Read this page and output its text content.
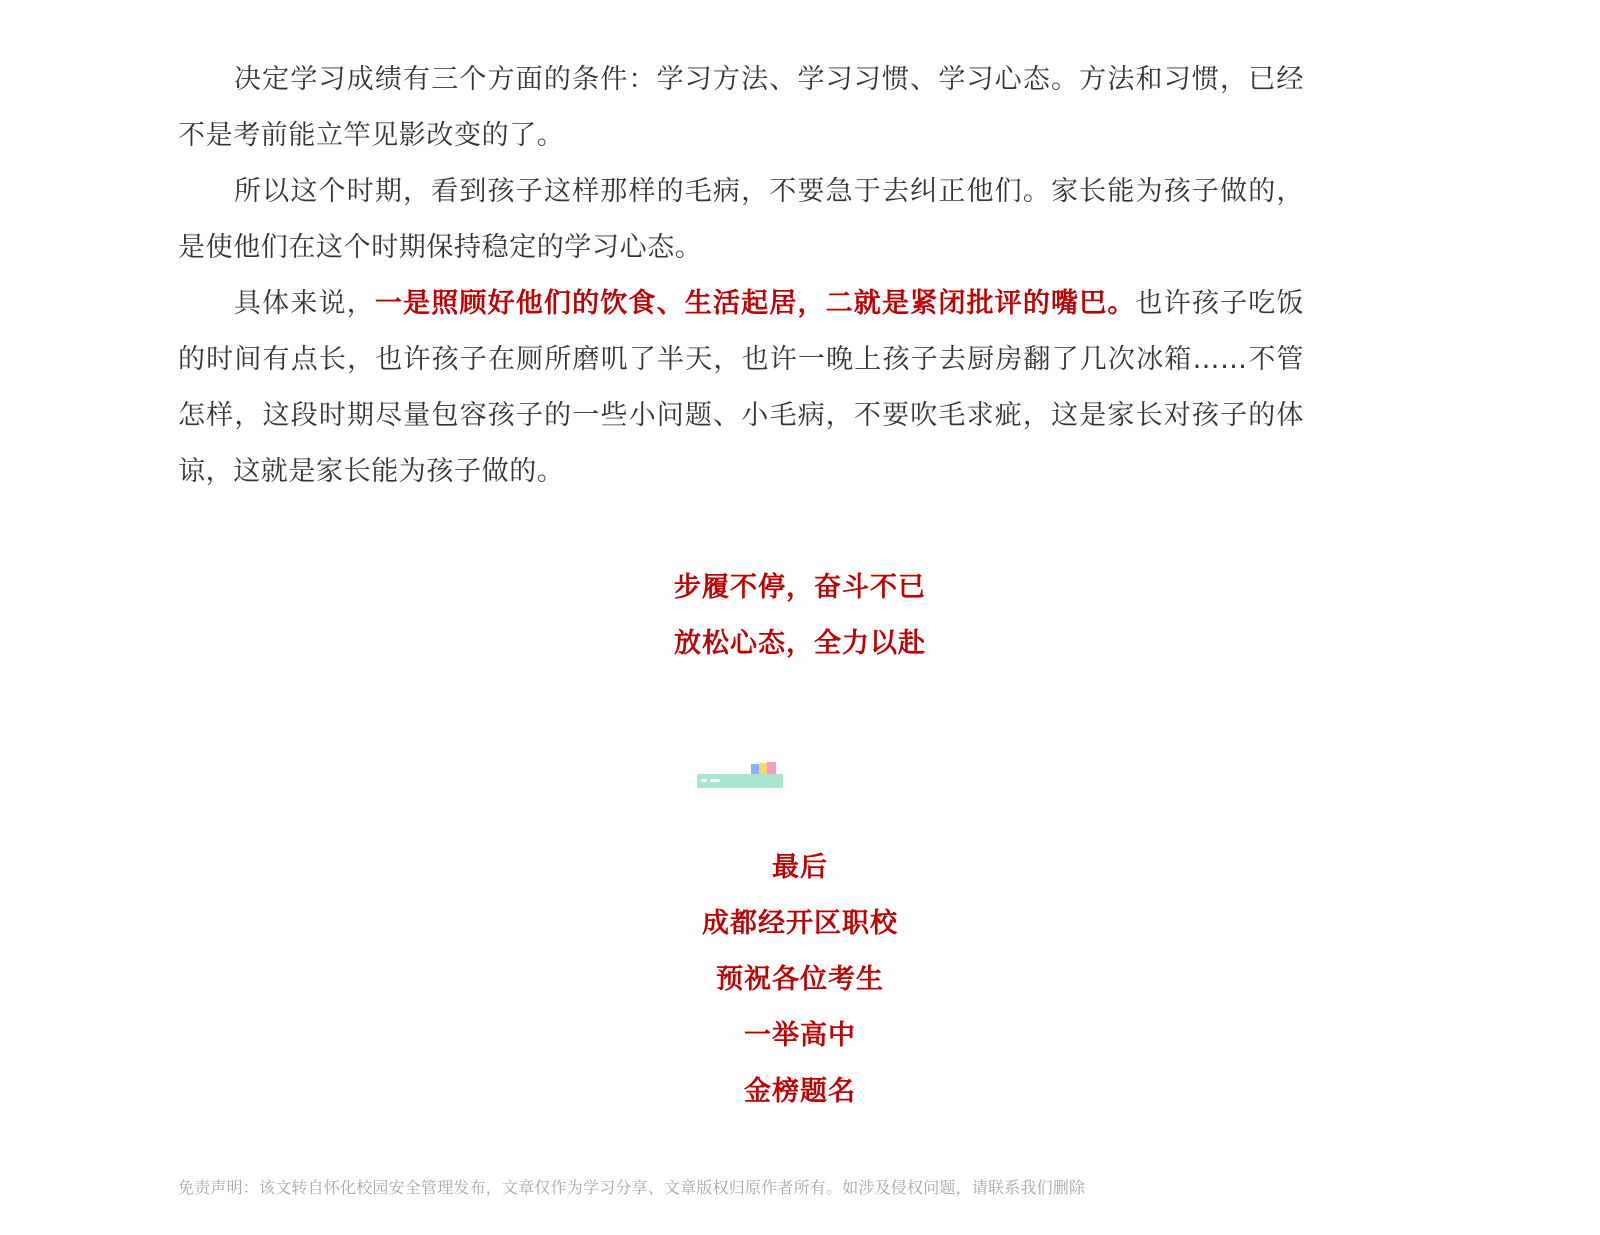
决定学习成绩有三个方面的条件：学习方法、学习习惯、学习心态。方法和习惯，已经不是考前能立竿见影改变的了。

所以这个时期，看到孩子这样那样的毛病，不要急于去纠正他们。家长能为孩子做的，是使他们在这个时期保持稳定的学习心态。

具体来说，一是照顾好他们的饮食、生活起居，二就是紧闭批评的嘴巴。也许孩子吃饭的时间有点长，也许孩子在厕所磨叽了半天，也许一晚上孩子去厨房翻了几次冰箱……不管怎样，这段时期尽量包容孩子的一些小问题、小毛病，不要吹毛求疵，这是家长对孩子的体谅，这就是家长能为孩子做的。

步履不停，奋斗不已
放松心态，全力以赴
最后
成都经开区职校
预祝各位考生
一举高中
金榜题名
免责声明：该文转自怀化校园安全管理发布，文章仅作为学习分享、文章版权归原作者所有。如涉及侵权问题，请联系我们删除
